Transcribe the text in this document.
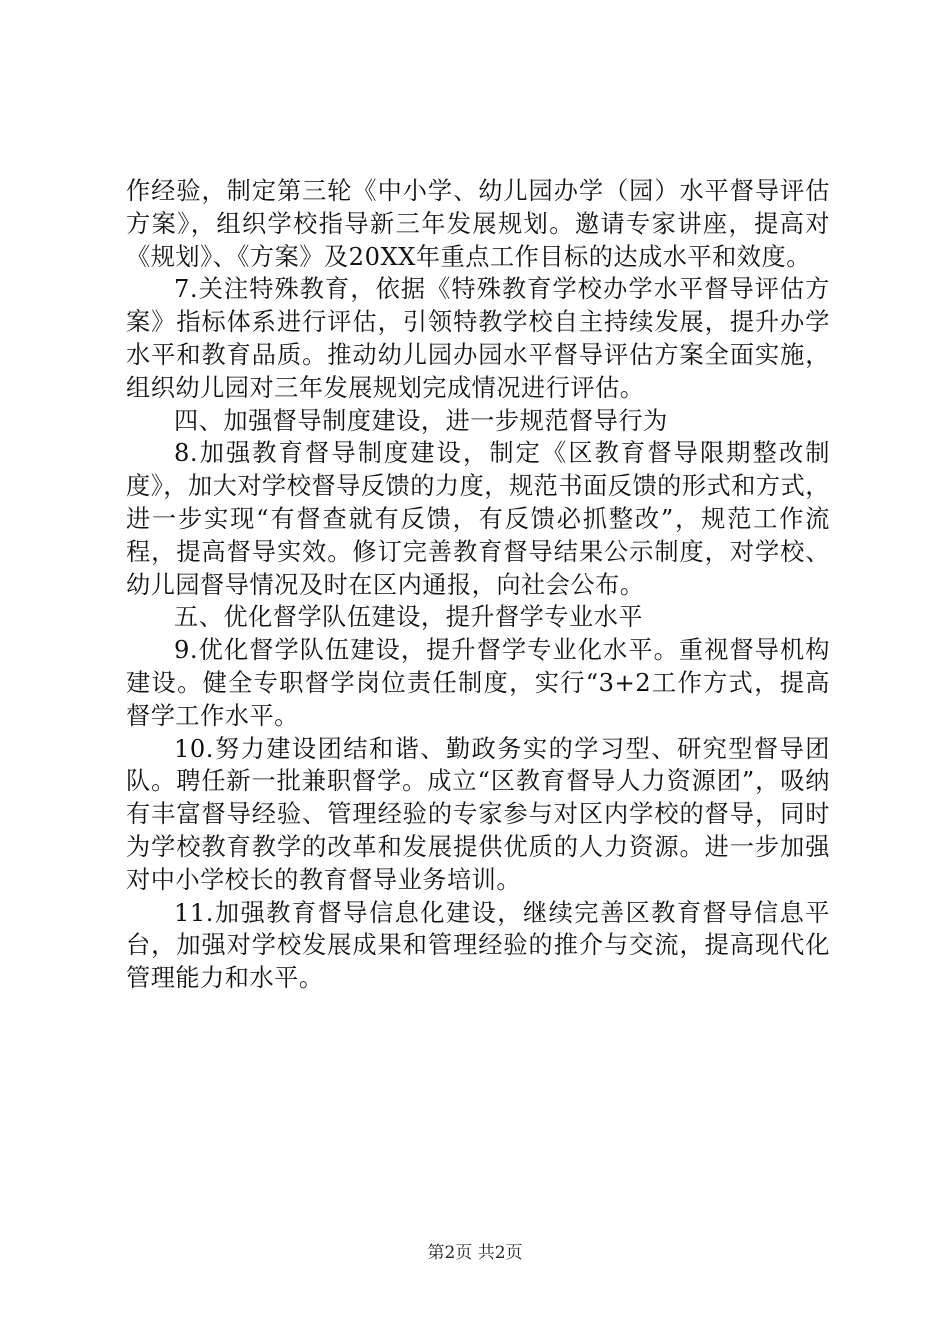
作经验，制定第三轮《中小学、幼儿园办学（园）水平督导评估方案》，组织学校指导新三年发展规划。邀请专家讲座，提高对《规划》、《方案》及20XX年重点工作目标的达成水平和效度。

7.关注特殊教育，依据《特殊教育学校办学水平督导评估方案》指标体系进行评估，引领特教学校自主持续发展，提升办学水平和教育品质。推动幼儿园办园水平督导评估方案全面实施，组织幼儿园对三年发展规划完成情况进行评估。

四、加强督导制度建设，进一步规范督导行为

8.加强教育督导制度建设，制定《区教育督导限期整改制度》，加大对学校督导反馈的力度，规范书面反馈的形式和方式，进一步实现“有督查就有反馈，有反馈必抓整改”，规范工作流程，提高督导实效。修订完善教育督导结果公示制度，对学校、幼儿园督导情况及时在区内通报，向社会公布。

五、优化督学队伍建设，提升督学专业水平

9.优化督学队伍建设，提升督学专业化水平。重视督导机构建设。健全专职督学岗位责任制度，实行“3+2工作方式，提高督学工作水平。

10.努力建设团结和谐、勤政务实的学习型、研究型督导团队。聘任新一批兼职督学。成立“区教育督导人力资源团”，吸纳有丰富督导经验、管理经验的专家参与对区内学校的督导，同时为学校教育教学的改革和发展提供优质的人力资源。进一步加强对中小学校长的教育督导业务培训。

11.加强教育督导信息化建设，继续完善区教育督导信息平台，加强对学校发展成果和管理经验的推介与交流，提高现代化管理能力和水平。

第2页 共2页
